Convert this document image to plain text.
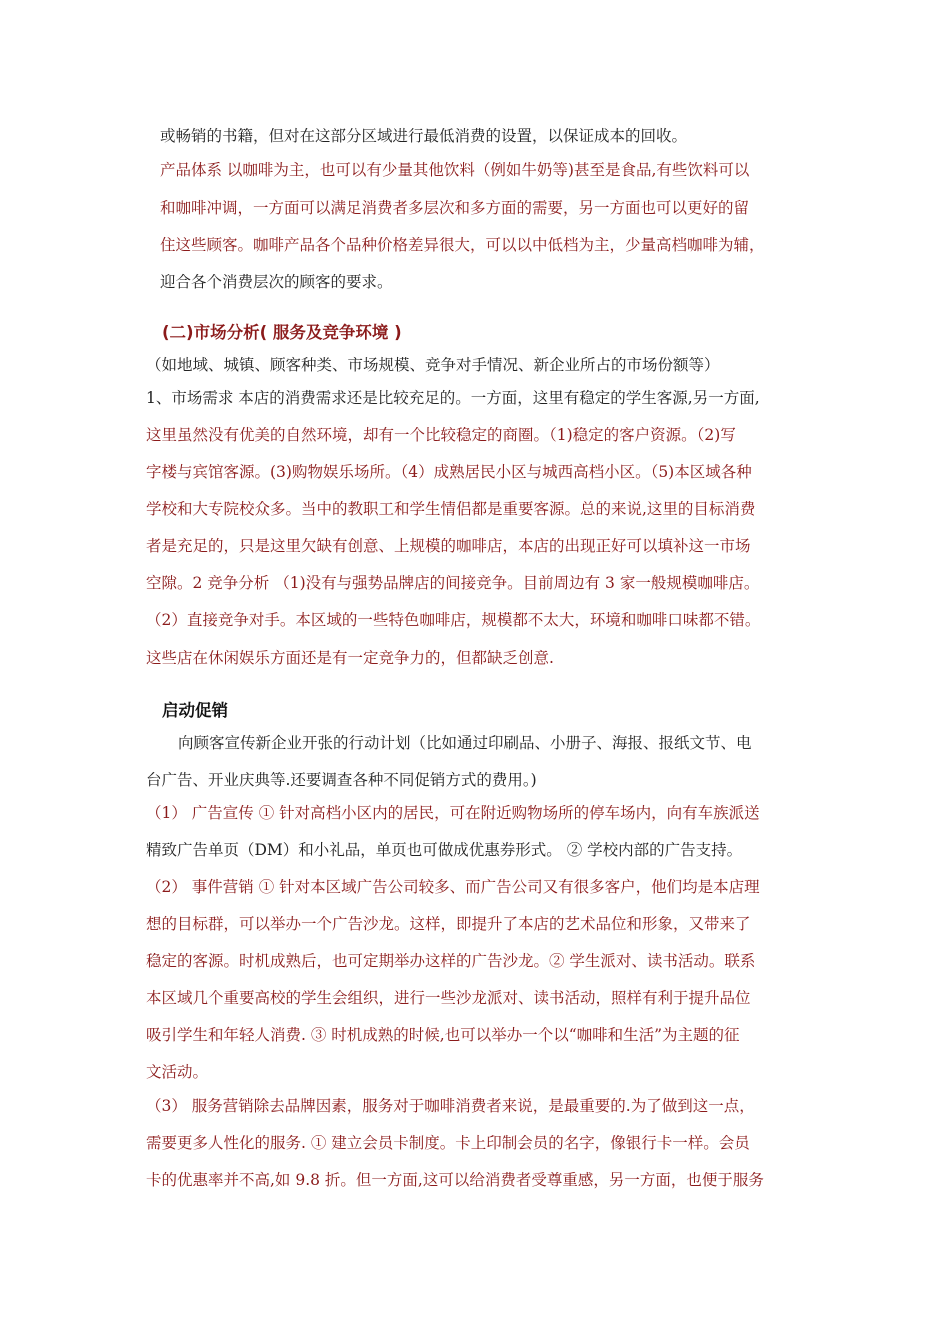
或畅销的书籍，但对在这部分区域进行最低消费的设置，以保证成本的回收。
产品体系 以咖啡为主，也可以有少量其他饮料（例如牛奶等)甚至是食品,有些饮料可以
和咖啡冲调，一方面可以满足消费者多层次和多方面的需要，另一方面也可以更好的留
住这些顾客。咖啡产品各个品种价格差异很大，可以以中低档为主，少量高档咖啡为辅，
迎合各个消费层次的顾客的要求。
(二)市场分析( 服务及竞争环境 )
（如地域、城镇、顾客种类、市场规模、竞争对手情况、新企业所占的市场份额等）
1、市场需求 本店的消费需求还是比较充足的。一方面，这里有稳定的学生客源,另一方面,
这里虽然没有优美的自然环境，却有一个比较稳定的商圈。（1)稳定的客户资源。（2)写
字楼与宾馆客源。(3)购物娱乐场所。（4）成熟居民小区与城西高档小区。（5)本区域各种
学校和大专院校众多。当中的教职工和学生情侣都是重要客源。总的来说,这里的目标消费
者是充足的，只是这里欠缺有创意、上规模的咖啡店，本店的出现正好可以填补这一市场
空隙。2 竞争分析 （1)没有与强势品牌店的间接竞争。目前周边有 3 家一般规模咖啡店。
（2）直接竞争对手。本区域的一些特色咖啡店，规模都不太大，环境和咖啡口味都不错。
这些店在休闲娱乐方面还是有一定竞争力的，但都缺乏创意.
启动促销
向顾客宣传新企业开张的行动计划（比如通过印刷品、小册子、海报、报纸文节、电
台广告、开业庆典等.还要调查各种不同促销方式的费用。)
（1） 广告宣传 ① 针对高档小区内的居民，可在附近购物场所的停车场内，向有车族派送
精致广告单页（DM）和小礼品，单页也可做成优惠券形式。 ② 学校内部的广告支持。
（2） 事件营销 ① 针对本区域广告公司较多、而广告公司又有很多客户，他们均是本店理
想的目标群，可以举办一个广告沙龙。这样，即提升了本店的艺术品位和形象，又带来了
稳定的客源。时机成熟后，也可定期举办这样的广告沙龙。② 学生派对、读书活动。联系
本区域几个重要高校的学生会组织，进行一些沙龙派对、读书活动，照样有利于提升品位
吸引学生和年轻人消费. ③ 时机成熟的时候,也可以举办一个以“咖啡和生活”为主题的征
文活动。
（3） 服务营销除去品牌因素，服务对于咖啡消费者来说，是最重要的.为了做到这一点，
需要更多人性化的服务. ① 建立会员卡制度。卡上印制会员的名字，像银行卡一样。会员
卡的优惠率并不高,如 9.8 折。但一方面,这可以给消费者受尊重感，另一方面，也便于服务
